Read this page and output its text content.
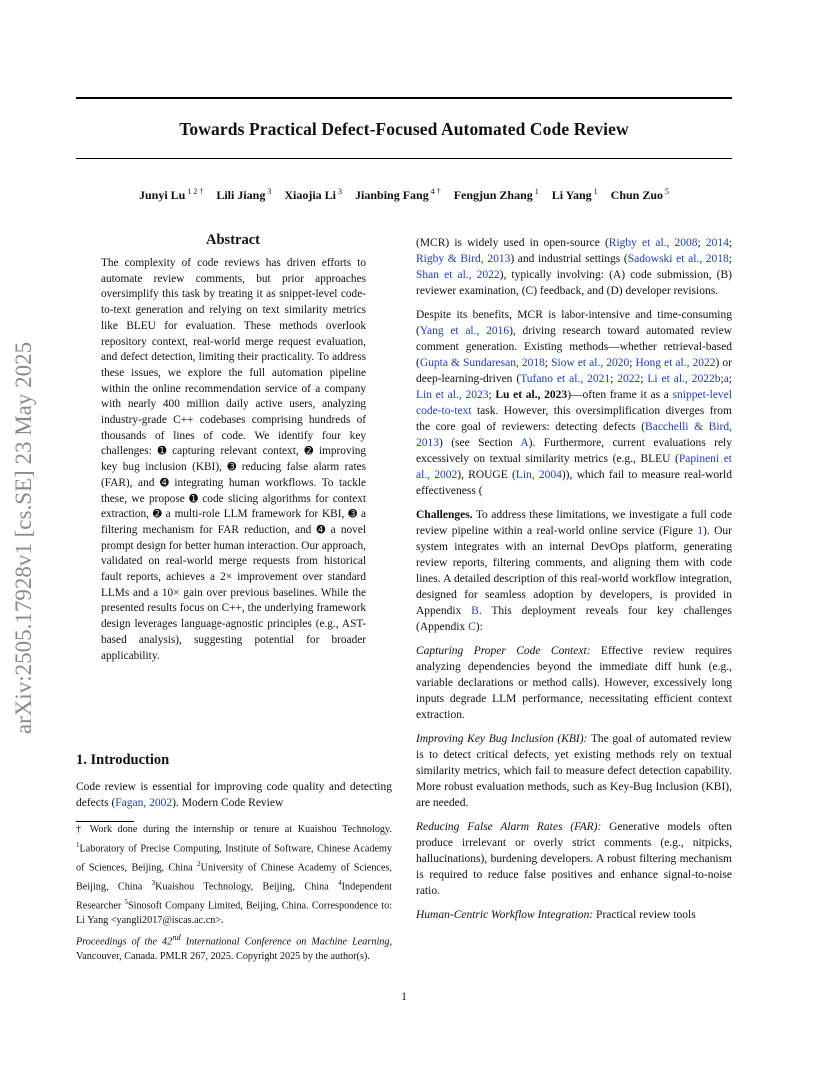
Towards Practical Defect-Focused Automated Code Review
Junyi Lu $^{1 2 \dagger}$ Lili Jiang $^3$ Xiaojia Li $^3$ Jianbing Fang $^{4 \dagger}$ Fengjun Zhang $^1$ Li Yang $^1$ Chun Zuo $^5$
arXiv:2505.17928v1 [cs.SE] 23 May 2025
Abstract
The complexity of code reviews has driven efforts to automate review comments, but prior approaches oversimplify this task by treating it as snippet-level code-to-text generation and relying on text similarity metrics like BLEU for evaluation. These methods overlook repository context, real-world merge request evaluation, and defect detection, limiting their practicality. To address these issues, we explore the full automation pipeline within the online recommendation service of a company with nearly 400 million daily active users, analyzing industry-grade C++ codebases comprising hundreds of thousands of lines of code. We identify four key challenges: ➊ capturing relevant context, ➋ improving key bug inclusion (KBI), ➌ reducing false alarm rates (FAR), and ➍ integrating human workflows. To tackle these, we propose ➊ code slicing algorithms for context extraction, ➋ a multi-role LLM framework for KBI, ➌ a filtering mechanism for FAR reduction, and ➍ a novel prompt design for better human interaction. Our approach, validated on real-world merge requests from historical fault reports, achieves a 2× improvement over standard LLMs and a 10× gain over previous baselines. While the presented results focus on C++, the underlying framework design leverages language-agnostic principles (e.g., AST-based analysis), suggesting potential for broader applicability.
1. Introduction
Code review is essential for improving code quality and detecting defects (Fagan, 2002). Modern Code Review
† Work done during the internship or tenure at Kuaishou Technology. $^1$Laboratory of Precise Computing, Institute of Software, Chinese Academy of Sciences, Beijing, China $^2$University of Chinese Academy of Sciences, Beijing, China $^3$Kuaishou Technology, Beijing, China $^4$Independent Researcher $^5$Sinosoft Company Limited, Beijing, China. Correspondence to: Li Yang <yangli2017@iscas.ac.cn>.
Proceedings of the 42nd International Conference on Machine Learning, Vancouver, Canada. PMLR 267, 2025. Copyright 2025 by the author(s).

(MCR) is widely used in open-source (Rigby et al., 2008; 2014; Rigby & Bird, 2013) and industrial settings (Sadowski et al., 2018; Shan et al., 2022), typically involving: (A) code submission, (B) reviewer examination, (C) feedback, and (D) developer revisions.

Despite its benefits, MCR is labor-intensive and time-consuming (Yang et al., 2016), driving research toward automated review comment generation. Existing methods—whether retrieval-based (Gupta & Sundaresan, 2018; Siow et al., 2020; Hong et al., 2022) or deep-learning-driven (Tufano et al., 2021; 2022; Li et al., 2022b;a; Lin et al., 2023; Lu et al., 2023)—often frame it as a snippet-level code-to-text task. However, this oversimplification diverges from the core goal of reviewers: detecting defects (Bacchelli & Bird, 2013) (see Section A). Furthermore, current evaluations rely excessively on textual similarity metrics (e.g., BLEU (Papineni et al., 2002), ROUGE (Lin, 2004)), which fail to measure real-world effectiveness (

Challenges. To address these limitations, we investigate a full code review pipeline within a real-world online service (Figure 1). Our system integrates with an internal DevOps platform, generating review reports, filtering comments, and aligning them with code lines. A detailed description of this real-world workflow integration, designed for seamless adoption by developers, is provided in Appendix B. This deployment reveals four key challenges (Appendix C):

Capturing Proper Code Context: Effective review requires analyzing dependencies beyond the immediate diff hunk (e.g., variable declarations or method calls). However, excessively long inputs degrade LLM performance, necessitating efficient context extraction.

Improving Key Bug Inclusion (KBI): The goal of automated review is to detect critical defects, yet existing methods rely on textual similarity metrics, which fail to measure defect detection capability. More robust evaluation methods, such as Key-Bug Inclusion (KBI), are needed.

Reducing False Alarm Rates (FAR): Generative models often produce irrelevant or overly strict comments (e.g., nitpicks, hallucinations), burdening developers. A robust filtering mechanism is required to reduce false positives and enhance signal-to-noise ratio.

Human-Centric Workflow Integration: Practical review tools

1
